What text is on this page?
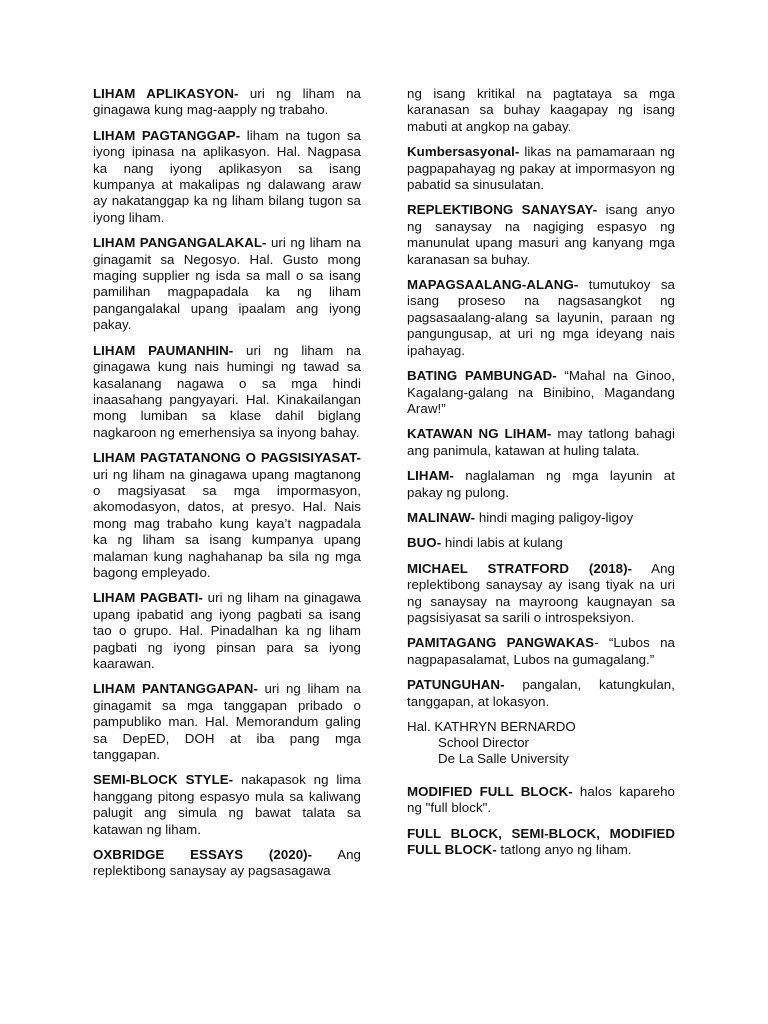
LIHAM APLIKASYON- uri ng liham na ginagawa kung mag-aapply ng trabaho.

LIHAM PAGTANGGAP- liham na tugon sa iyong ipinasa na aplikasyon. Hal. Nagpasa ka nang iyong aplikasyon sa isang kumpanya at makalipas ng dalawang araw ay nakatanggap ka ng liham bilang tugon sa iyong liham.

LIHAM PANGANGALAKAL- uri ng liham na ginagamit sa Negosyo. Hal. Gusto mong maging supplier ng isda sa mall o sa isang pamilihan magpapadala ka ng liham pangangalakal upang ipaalam ang iyong pakay.

LIHAM PAUMANHIN- uri ng liham na ginagawa kung nais humingi ng tawad sa kasalanang nagawa o sa mga hindi inaasahang pangyayari. Hal. Kinakailangan mong lumiban sa klase dahil biglang nagkaroon ng emerhensiya sa inyong bahay.

LIHAM PAGTATANONG O PAGSISIYASAT- uri ng liham na ginagawa upang magtanong o magsiyasat sa mga impormasyon, akomodasyon, datos, at presyo. Hal. Nais mong mag trabaho kung kaya’t nagpadala ka ng liham sa isang kumpanya upang malaman kung naghahanap ba sila ng mga bagong empleyado.

LIHAM PAGBATI- uri ng liham na ginagawa upang ipabatid ang iyong pagbati sa isang tao o grupo. Hal. Pinadalhan ka ng liham pagbati ng iyong pinsan para sa iyong kaarawan.

LIHAM PANTANGGAPAN- uri ng liham na ginagamit sa mga tanggapan pribado o pampubliko man. Hal. Memorandum galing sa DepED, DOH at iba pang mga tanggapan.

SEMI-BLOCK STYLE- nakapasok ng lima hanggang pitong espasyo mula sa kaliwang palugit ang simula ng bawat talata sa katawan ng liham.

OXBRIDGE ESSAYS (2020)- Ang replektibong sanaysay ay pagsasagawa

ng isang kritikal na pagtataya sa mga karanasan sa buhay kaagapay ng isang mabuti at angkop na gabay.

Kumbersasyonal- likas na pamamaraan ng pagpapahayag ng pakay at impormasyon ng pabatid sa sinusulatan.

REPLEKTIBONG SANAYSAY- isang anyo ng sanaysay na nagiging espasyo ng manunulat upang masuri ang kanyang mga karanasan sa buhay.

MAPAGSAALANG-ALANG- tumutukoy sa isang proseso na nagsasangkot ng pagsasaalang-alang sa layunin, paraan ng pangungusap, at uri ng mga ideyang nais ipahayag.

BATING PAMBUNGAD- “Mahal na Ginoo, Kagalang-galang na Binibino, Magandang Araw!”

KATAWAN NG LIHAM- may tatlong bahagi ang panimula, katawan at huling talata.

LIHAM- naglalaman ng mga layunin at pakay ng pulong.

MALINAW- hindi maging paligoy-ligoy

BUO- hindi labis at kulang

MICHAEL STRATFORD (2018)- Ang replektibong sanaysay ay isang tiyak na uri ng sanaysay na mayroong kaugnayan sa pagsisiyasat sa sarili o introspeksiyon.

PAMITAGANG PANGWAKAS- “Lubos na nagpapasalamat, Lubos na gumagalang.”

PATUNGUHAN- pangalan, katungkulan, tanggapan, at lokasyon.

Hal. KATHRYN BERNARDO
School Director
De La Salle University

MODIFIED FULL BLOCK- halos kapareho ng "full block".

FULL BLOCK, SEMI-BLOCK, MODIFIED FULL BLOCK- tatlong anyo ng liham.
